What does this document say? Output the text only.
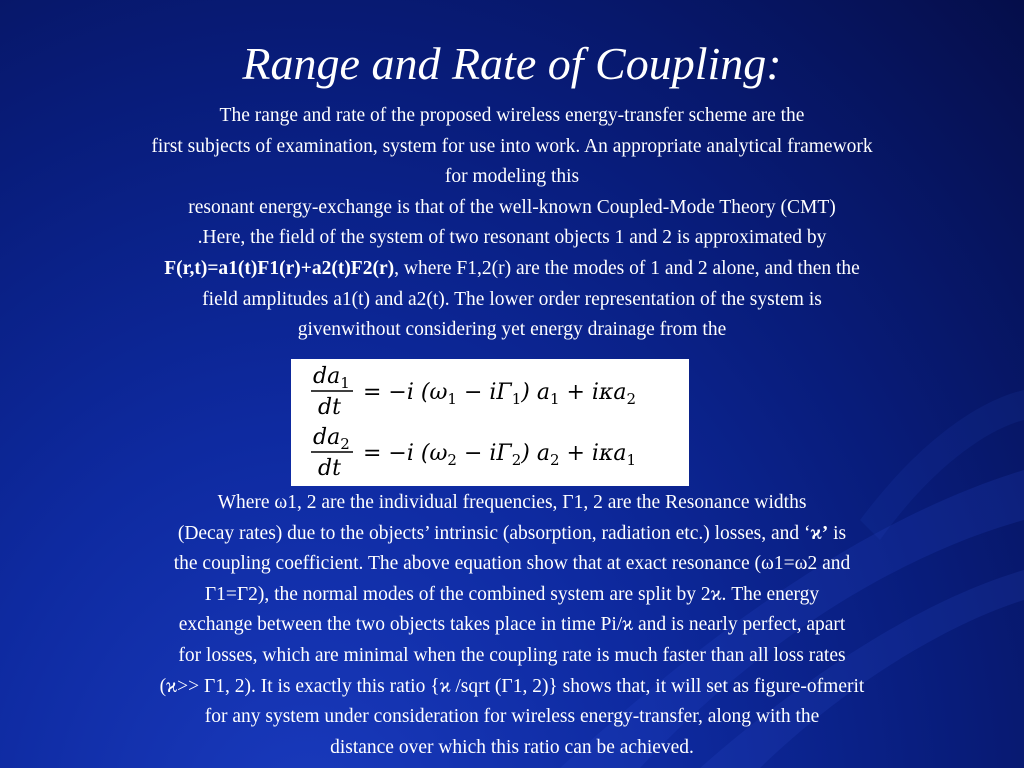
Range and Rate of Coupling:
The range and rate of the proposed wireless energy-transfer scheme are the
first subjects of examination, system for use into work. An appropriate analytical framework
for modeling this
resonant energy-exchange is that of the well-known Coupled-Mode Theory (CMT)
.Here, the field of the system of two resonant objects 1 and 2 is approximated by
F(r,t)=a1(t)F1(r)+a2(t)F2(r), where F1,2(r) are the modes of 1 and 2 alone, and then the
field amplitudes a1(t) and a2(t). The lower order representation of the system is
givenwithout considering yet energy drainage from the
$da_1$
dt
= −i $(\omega_1 - i\Gamma_1) a_1 + i\kappa a_2$
$da_2$
dt
= −i $(\omega_2 - i\Gamma_2) a_2 + i\kappa a_1$
Where ω1, 2 are the individual frequencies, Γ1, 2 are the Resonance widths
(Decay rates) due to the objects’ intrinsic (absorption, radiation etc.) losses, and ‘ϰ’ is
the coupling coefficient. The above equation show that at exact resonance (ω1=ω2 and
Γ1=Γ2), the normal modes of the combined system are split by 2ϰ. The energy
exchange between the two objects takes place in time Pi/ϰ and is nearly perfect, apart
for losses, which are minimal when the coupling rate is much faster than all loss rates
(ϰ>> Γ1, 2). It is exactly this ratio {ϰ /sqrt (Γ1, 2)} shows that, it will set as figure-ofmerit
for any system under consideration for wireless energy-transfer, along with the
distance over which this ratio can be achieved.
